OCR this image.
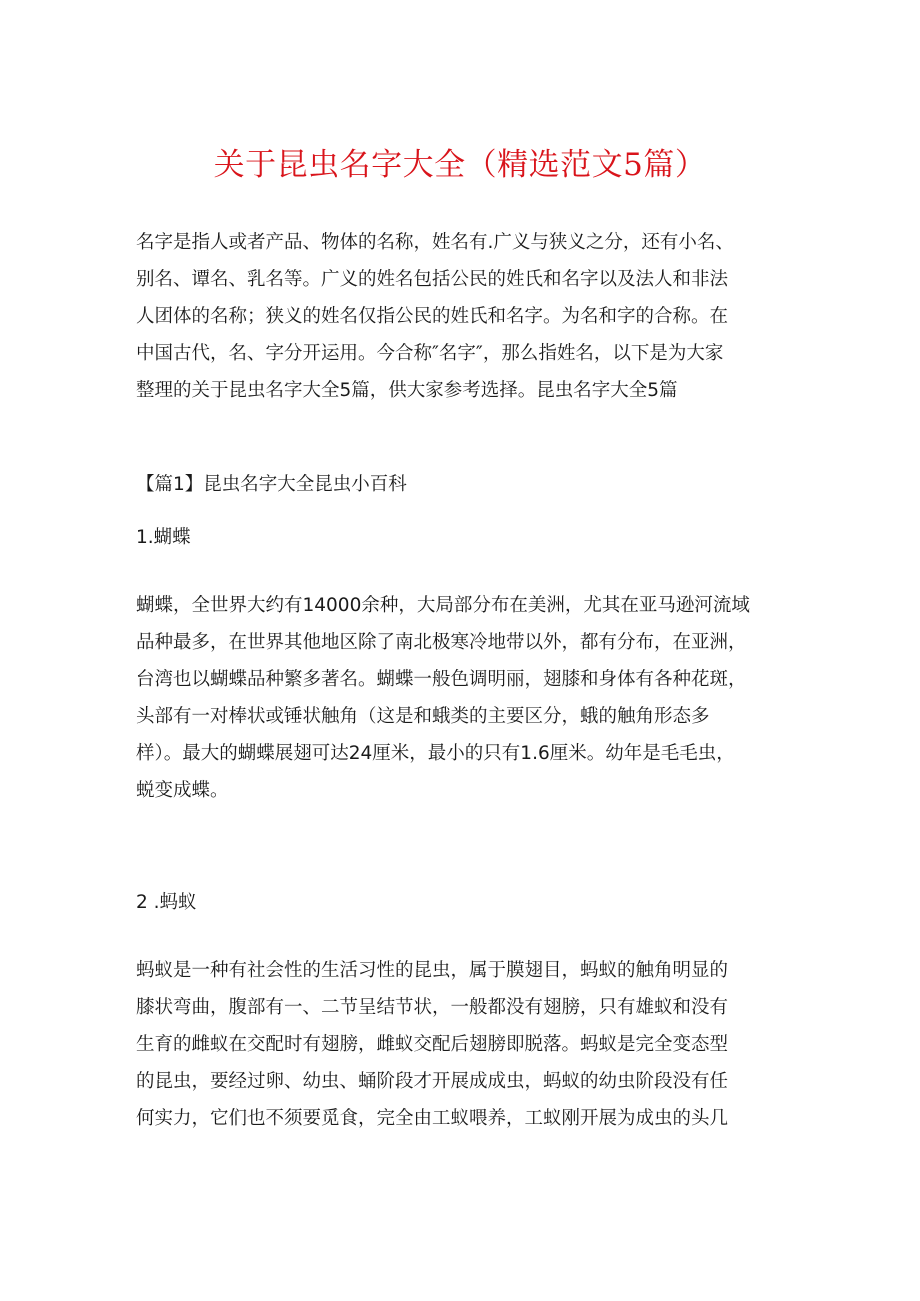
关于昆虫名字大全（精选范文5篇）
名字是指人或者产品、物体的名称，姓名有.广义与狭义之分，还有小名、
别名、谭名、乳名等。广义的姓名包括公民的姓氏和名字以及法人和非法
人团体的名称；狭义的姓名仅指公民的姓氏和名字。为名和字的合称。在
中国古代，名、字分开运用。今合称″名字″，那么指姓名，以下是为大家
整理的关于昆虫名字大全5篇，供大家参考选择。昆虫名字大全5篇
【篇1】昆虫名字大全昆虫小百科
1.蝴蝶
蝴蝶，全世界大约有14000余种，大局部分布在美洲，尤其在亚马逊河流域
品种最多，在世界其他地区除了南北极寒冷地带以外，都有分布，在亚洲，
台湾也以蝴蝶品种繁多著名。蝴蝶一般色调明丽，翅膝和身体有各种花斑，
头部有一对棒状或锤状触角（这是和蛾类的主要区分，蛾的触角形态多
样）。最大的蝴蝶展翅可达24厘米，最小的只有1.6厘米。幼年是毛毛虫，
蜕变成蝶。
2 .蚂蚁
蚂蚁是一种有社会性的生活习性的昆虫，属于膜翅目，蚂蚁的触角明显的
膝状弯曲，腹部有一、二节呈结节状，一般都没有翅膀，只有雄蚁和没有
生育的雌蚁在交配时有翅膀，雌蚁交配后翅膀即脱落。蚂蚁是完全变态型
的昆虫，要经过卵、幼虫、蛹阶段才开展成成虫，蚂蚁的幼虫阶段没有任
何实力，它们也不须要觅食，完全由工蚁喂养，工蚁刚开展为成虫的头几
